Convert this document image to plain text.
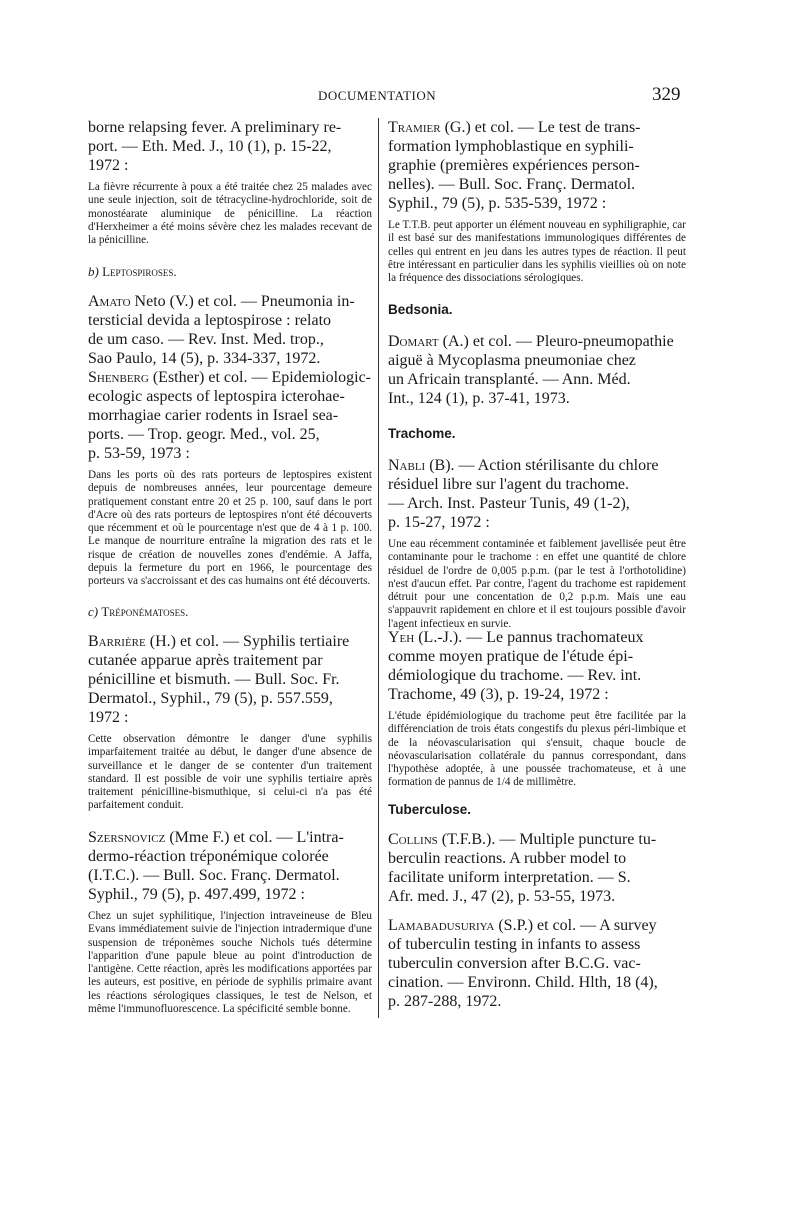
DOCUMENTATION	329

borne relapsing fever. A preliminary re-
port. — Eth. Med. J., 10 (1), p. 15-22,
1972 :

La fièvre récurrente à poux a été traitée chez 25 malades avec une seule injection, soit de tétracycline-hydrochloride, soit de monostéarate aluminique de pénicilline. La réaction d'Herxheimer a été moins sévère chez les malades recevant de la pénicilline.

b) Leptospiroses.

Amato Neto (V.) et col. — Pneumonia in-
tersticial devida a leptospirose : relato
de um caso. — Rev. Inst. Med. trop.,
Sao Paulo, 14 (5), p. 334-337, 1972.

Shenberg (Esther) et col. — Epidemiologic-
ecologic aspects of leptospira icterohae-
morrhagiae carier rodents in Israel sea-
ports. — Trop. geogr. Med., vol. 25,
p. 53-59, 1973 :

Dans les ports où des rats porteurs de leptospires existent depuis de nombreuses années, leur pourcentage demeure pratiquement constant entre 20 et 25 p. 100, sauf dans le port d'Acre où des rats porteurs de leptospires n'ont été découverts que récemment et où le pourcentage n'est que de 4 à 1 p. 100. Le manque de nourriture entraîne la migration des rats et le risque de création de nouvelles zones d'endémie. A Jaffa, depuis la fermeture du port en 1966, le pourcentage des porteurs va s'accroissant et des cas humains ont été découverts.

c) Tréponématoses.

Barrière (H.) et col. — Syphilis tertiaire
cutanée apparue après traitement par
pénicilline et bismuth. — Bull. Soc. Fr.
Dermatol., Syphil., 79 (5), p. 557.559,
1972 :

Cette observation démontre le danger d'une syphilis imparfaitement traitée au début, le danger d'une absence de surveillance et le danger de se contenter d'un traitement standard. Il est possible de voir une syphilis tertiaire après traitement pénicilline-bismuthique, si celui-ci n'a pas été parfaitement conduit.

Szersnovicz (Mme F.) et col. — L'intra-
dermo-réaction tréponémique colorée
(I.T.C.). — Bull. Soc. Franç. Dermatol.
Syphil., 79 (5), p. 497.499, 1972 :

Chez un sujet syphilitique, l'injection intraveineuse de Bleu Evans immédiatement suivie de l'injection intradermique d'une suspension de tréponèmes souche Nichols tués détermine l'apparition d'une papule bleue au point d'introduction de l'antigène. Cette réaction, après les modifications apportées par les auteurs, est positive, en période de syphilis primaire avant les réactions sérologiques classiques, le test de Nelson, et même l'immunofluorescence. La spécificité semble bonne.

Tramier (G.) et col. — Le test de trans-
formation lymphoblastique en syphili-
graphie (premières expériences person-
nelles). — Bull. Soc. Franç. Dermatol.
Syphil., 79 (5), p. 535-539, 1972 :

Le T.T.B. peut apporter un élément nouveau en syphiligraphie, car il est basé sur des manifestations immunologiques différentes de celles qui entrent en jeu dans les autres types de réaction. Il peut être intéressant en particulier dans les syphilis vieillies où on note la fréquence des dissociations sérologiques.

Bedsonia.

Domart (A.) et col. — Pleuro-pneumopathie
aiguë à Mycoplasma pneumoniae chez
un Africain transplanté. — Ann. Méd.
Int., 124 (1), p. 37-41, 1973.

Trachome.

Nabli (B). — Action stérilisante du chlore
résiduel libre sur l'agent du trachome.
— Arch. Inst. Pasteur Tunis, 49 (1-2),
p. 15-27, 1972 :

Une eau récemment contaminée et faiblement javellisée peut être contaminante pour le trachome : en effet une quantité de chlore résiduel de l'ordre de 0,005 p.p.m. (par le test à l'orthotolidine) n'est d'aucun effet. Par contre, l'agent du trachome est rapidement détruit pour une concentation de 0,2 p.p.m. Mais une eau s'appauvrit rapidement en chlore et il est toujours possible d'avoir l'agent infectieux en survie.

Yeh (L.-J.). — Le pannus trachomateux
comme moyen pratique de l'étude épi-
démiologique du trachome. — Rev. int.
Trachome, 49 (3), p. 19-24, 1972 :

L'étude épidémiologique du trachome peut être facilitée par la différenciation de trois états congestifs du plexus péri-limbique et de la néovascularisation qui s'ensuit, chaque boucle de néovascularisation collatérale du pannus correspondant, dans l'hypothèse adoptée, à une poussée trachomateuse, et à une formation de pannus de 1/4 de millimètre.

Tuberculose.

Collins (T.F.B.). — Multiple puncture tu-
berculin reactions. A rubber model to
facilitate uniform interpretation. — S.
Afr. med. J., 47 (2), p. 53-55, 1973.

Lamabadusuriya (S.P.) et col. — A survey
of tuberculin testing in infants to assess
tuberculin conversion after B.C.G. vac-
cination. — Environn. Child. Hlth, 18 (4),
p. 287-288, 1972.
